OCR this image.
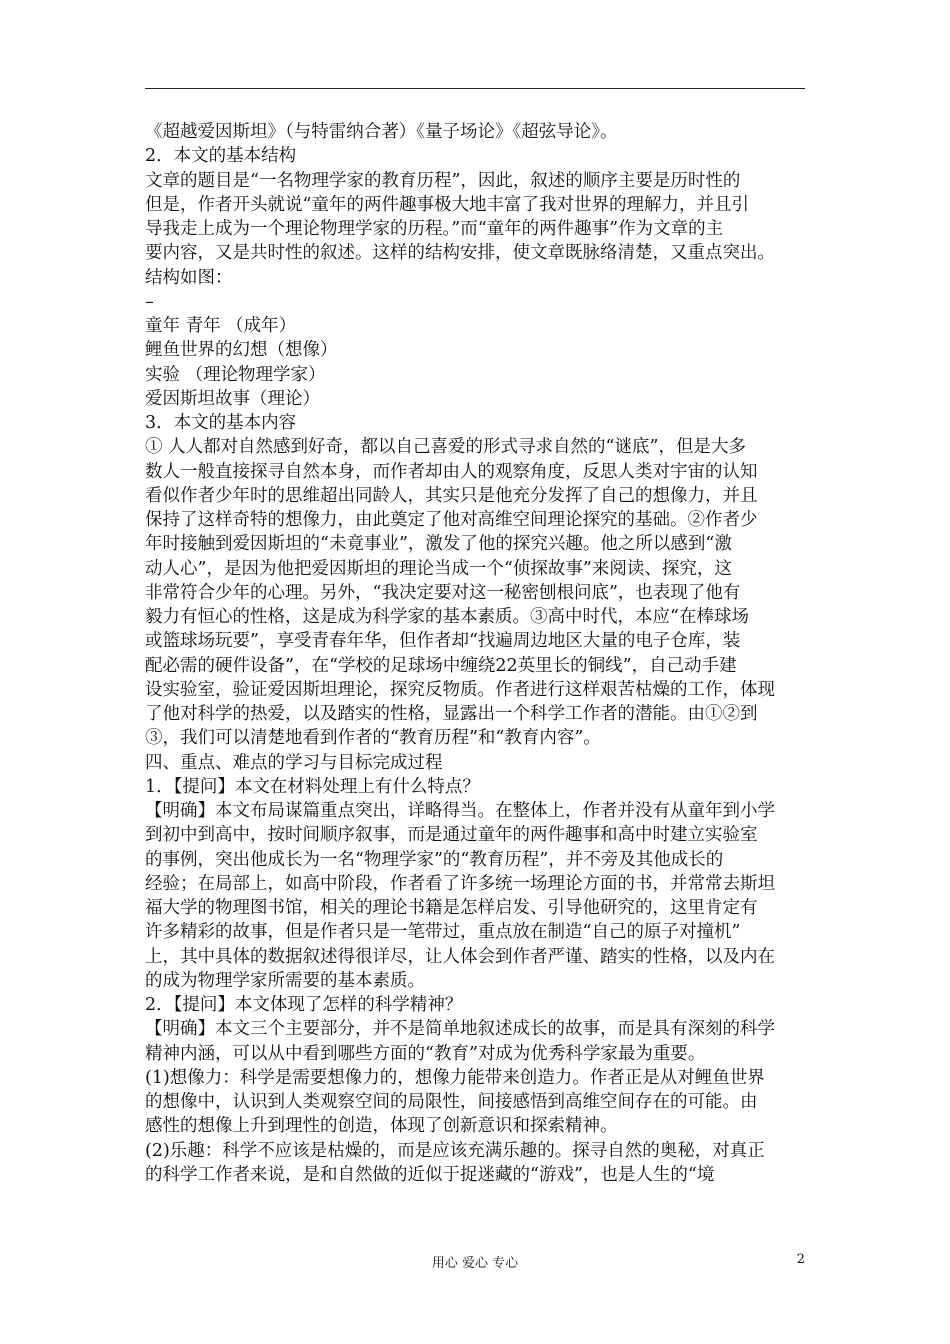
《超越爱因斯坦》（与特雷纳合著）《量子场论》《超弦导论》。
2．本文的基本结构
文章的题目是“一名物理学家的教育历程”，因此，叙述的顺序主要是历时性的
但是，作者开头就说“童年的两件趣事极大地丰富了我对世界的理解力，并且引
导我走上成为一个理论物理学家的历程。”而“童年的两件趣事”作为文章的主
要内容，又是共时性的叙述。这样的结构安排，使文章既脉络清楚，又重点突出。
结构如图：
–
童年 青年 （成年）
鲤鱼世界的幻想（想像）
实验 （理论物理学家）
爱因斯坦故事（理论）
3．本文的基本内容
① 人人都对自然感到好奇，都以自己喜爱的形式寻求自然的“谜底”，但是大多
数人一般直接探寻自然本身，而作者却由人的观察角度，反思人类对宇宙的认知
看似作者少年时的思维超出同龄人，其实只是他充分发挥了自己的想像力，并且
保持了这样奇特的想像力，由此奠定了他对高维空间理论探究的基础。②作者少
年时接触到爱因斯坦的“未竟事业”，激发了他的探究兴趣。他之所以感到“激
动人心”，是因为他把爱因斯坦的理论当成一个“侦探故事”来阅读、探究，这
非常符合少年的心理。另外，“我决定要对这一秘密刨根问底”，也表现了他有
毅力有恒心的性格，这是成为科学家的基本素质。③高中时代，本应“在棒球场
或篮球场玩要”，享受青春年华，但作者却“找遍周边地区大量的电子仓库，装
配必需的硬件设备”，在“学校的足球场中缠绕22英里长的铜线”，自己动手建
设实验室，验证爱因斯坦理论，探究反物质。作者进行这样艰苦枯燥的工作，体现
了他对科学的热爱，以及踏实的性格，显露出一个科学工作者的潜能。由①②到
③，我们可以清楚地看到作者的“教育历程”和“教育内容”。
四、重点、难点的学习与目标完成过程
1．【提问】本文在材料处理上有什么特点？
【明确】本文布局谋篇重点突出，详略得当。在整体上，作者并没有从童年到小学
到初中到高中，按时间顺序叙事，而是通过童年的两件趣事和高中时建立实验室
的事例，突出他成长为一名“物理学家”的“教育历程”，并不旁及其他成长的
经验；在局部上，如高中阶段，作者看了许多统一场理论方面的书，并常常去斯坦
福大学的物理图书馆，相关的理论书籍是怎样启发、引导他研究的，这里肯定有
许多精彩的故事，但是作者只是一笔带过，重点放在制造“自己的原子对撞机”
上，其中具体的数据叙述得很详尽，让人体会到作者严谨、踏实的性格，以及内在
的成为物理学家所需要的基本素质。
2．【提问】本文体现了怎样的科学精神？
【明确】本文三个主要部分，并不是简单地叙述成长的故事，而是具有深刻的科学
精神内涵，可以从中看到哪些方面的“教育”对成为优秀科学家最为重要。
(1)想像力：科学是需要想像力的，想像力能带来创造力。作者正是从对鲤鱼世界
的想像中，认识到人类观察空间的局限性，间接感悟到高维空间存在的可能。由
感性的想像上升到理性的创造，体现了创新意识和探索精神。
(2)乐趣：科学不应该是枯燥的，而是应该充满乐趣的。探寻自然的奥秘，对真正
的科学工作者来说，是和自然做的近似于捉迷藏的“游戏”，也是人生的“境
用心 爱心 专心	2
